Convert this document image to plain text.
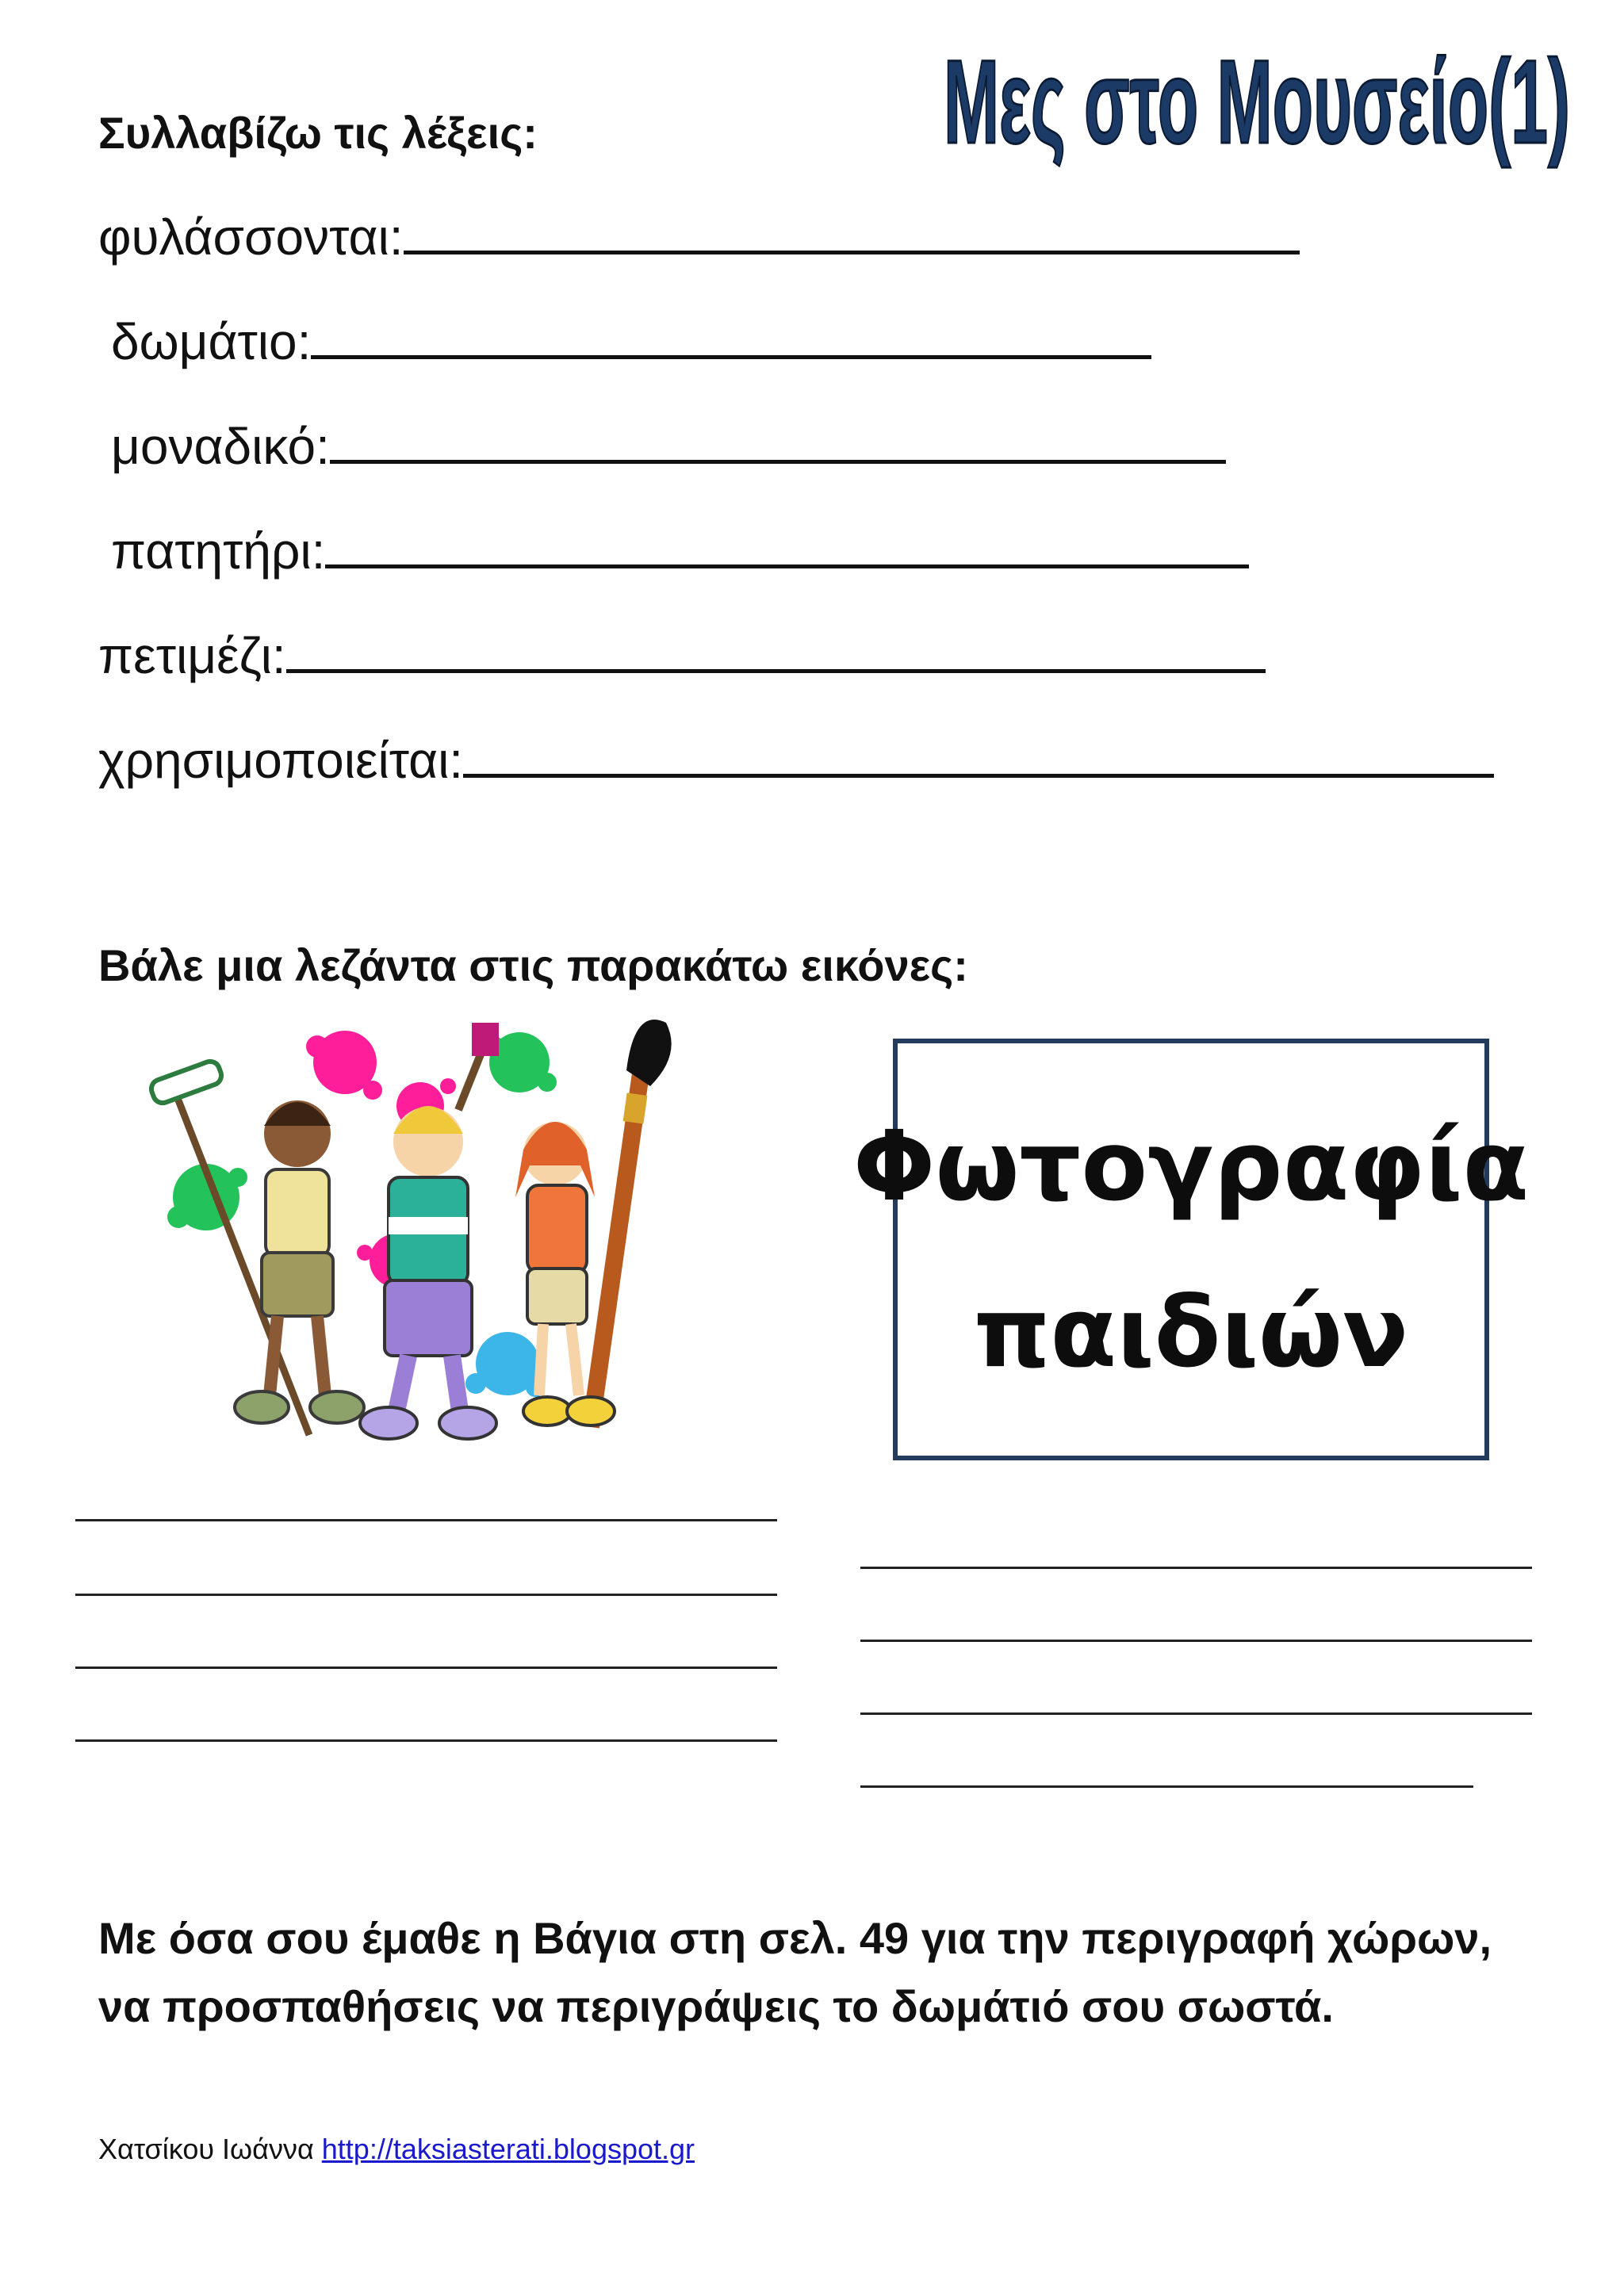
Μες στο Μουσείο(1)
Συλλαβίζω τις λέξεις:
φυλάσσονται:
δωμάτιο:
μοναδικό:
πατητήρι:
πετιμέζι:
χρησιμοποιείται:
Βάλε μια λεζάντα στις παρακάτω εικόνες:
Φωτογραφία
παιδιών
Με όσα σου έμαθε η Βάγια στη σελ. 49 για την περιγραφή χώρων,
να προσπαθήσεις να περιγράψεις το δωμάτιό σου σωστά.
Χατσίκου Ιωάννα http://taksiasterati.blogspot.gr
